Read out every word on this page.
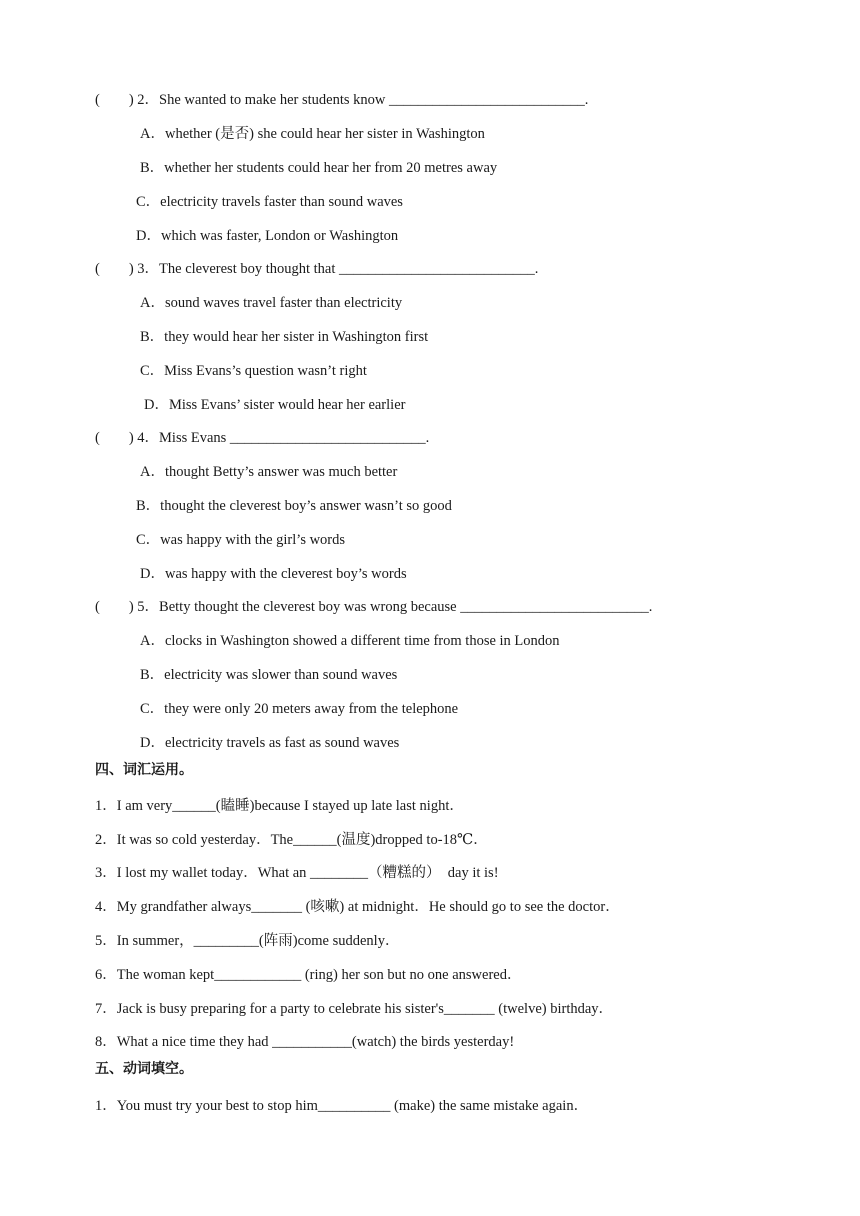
(        ) 2．She wanted to make her students know ___________________________.
A．whether (是否) she could hear her sister in Washington
B．whether her students could hear her from 20 metres away
C．electricity travels faster than sound waves
D．which was faster, London or Washington
(        ) 3．The cleverest boy thought that ___________________________.
A．sound waves travel faster than electricity
B．they would hear her sister in Washington first
C．Miss Evans’s question wasn’t right
D．Miss Evans’ sister would hear her earlier
(        ) 4．Miss Evans ___________________________.
A．thought Betty’s answer was much better
B．thought the cleverest boy’s answer wasn’t so good
C．was happy with the girl’s words
D．was happy with the cleverest boy’s words
(        ) 5．Betty thought the cleverest boy was wrong because __________________________.
A．clocks in Washington showed a different time from those in London
B．electricity was slower than sound waves
C．they were only 20 meters away from the telephone
D．electricity travels as fast as sound waves
四、词汇运用。
1．I am very______(瞌睡)because I stayed up late last night．
2．It was so cold yesterday．The______(温度)dropped to-18℃．
3．I lost my wallet today．What an ________（糟糕的）  day it is!
4．My grandfather always_______ (咳嗽) at midnight．He should go to see the doctor．
5．In summer，_________(阵雨)come suddenly．
6．The woman kept____________ (ring) her son but no one answered．
7．Jack is busy preparing for a party to celebrate his sister's_______ (twelve) birthday．
8．What a nice time they had ___________(watch) the birds yesterday!
五、动词填空。
1．You must try your best to stop him__________ (make) the same mistake again．
